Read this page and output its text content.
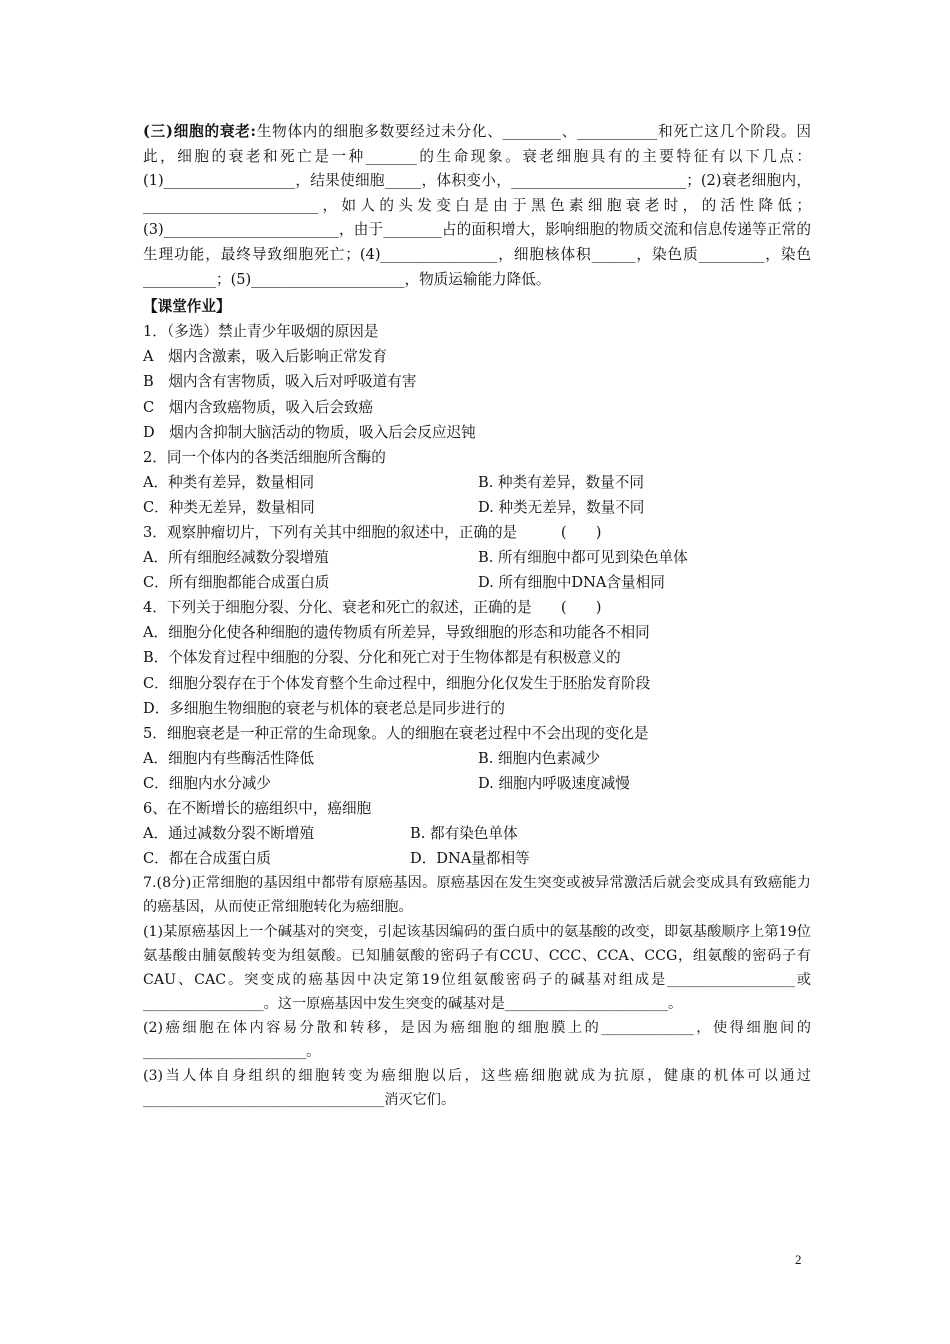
(三)细胞的衰老:生物体内的细胞多数要经过未分化、________、___________和死亡这几个阶段。因此，细胞的衰老和死亡是一种_______的生命现象。衰老细胞具有的主要特征有以下几点：(1)__________________，结果使细胞_____，体积变小，________________________；(2)衰老细胞内，________________________，如人的头发变白是由于黑色素细胞衰老时，的活性降低；(3)________________________，由于________占的面积增大，影响细胞的物质交流和信息传递等正常的生理功能，最终导致细胞死亡；(4)________________，细胞核体积______，染色质_________，染色__________；(5)_____________________，物质运输能力降低。

【课堂作业】

1．（多选）禁止青少年吸烟的原因是

A　烟内含激素，吸入后影响正常发育

B　烟内含有害物质，吸入后对呼吸道有害

C　烟内含致癌物质，吸入后会致癌

D　烟内含抑制大脑活动的物质，吸入后会反应迟钝

2．同一个体内的各类活细胞所含酶的

A．种类有差异，数量相同	B. 种类有差异，数量不同
C．种类无差异，数量相同	D. 种类无差异，数量不同

3．观察肿瘤切片，下列有关其中细胞的叙述中，正确的是　　　(　　)

A．所有细胞经减数分裂增殖	B. 所有细胞中都可见到染色单体
C．所有细胞都能合成蛋白质	D. 所有细胞中DNA含量相同

4．下列关于细胞分裂、分化、衰老和死亡的叙述，正确的是　　(　　)

A．细胞分化使各种细胞的遗传物质有所差异，导致细胞的形态和功能各不相同

B．个体发育过程中细胞的分裂、分化和死亡对于生物体都是有积极意义的

C．细胞分裂存在于个体发育整个生命过程中，细胞分化仅发生于胚胎发育阶段

D．多细胞生物细胞的衰老与机体的衰老总是同步进行的

5．细胞衰老是一种正常的生命现象。人的细胞在衰老过程中不会出现的变化是

A．细胞内有些酶活性降低	B. 细胞内色素减少
C．细胞内水分减少	D. 细胞内呼吸速度减慢

6、在不断增长的癌组织中，癌细胞

A．通过减数分裂不断增殖	B. 都有染色单体
C．都在合成蛋白质	D．DNA量都相等

7.(8分)正常细胞的基因组中都带有原癌基因。原癌基因在发生突变或被异常激活后就会变成具有致癌能力的癌基因，从而使正常细胞转化为癌细胞。

(1)某原癌基因上一个碱基对的突变，引起该基因编码的蛋白质中的氨基酸的改变，即氨基酸顺序上第19位氨基酸由脯氨酸转变为组氨酸。已知脯氨酸的密码子有CCU、CCC、CCA、CCG，组氨酸的密码子有CAU、CAC。突变成的癌基因中决定第19位组氨酸密码子的碱基对组成是__________________或_________________。这一原癌基因中发生突变的碱基对是_______________________。

(2)癌细胞在体内容易分散和转移，是因为癌细胞的细胞膜上的_____________，使得细胞间的_______________________。

(3)当人体自身组织的细胞转变为癌细胞以后，这些癌细胞就成为抗原，健康的机体可以通过__________________________________消灭它们。

2
